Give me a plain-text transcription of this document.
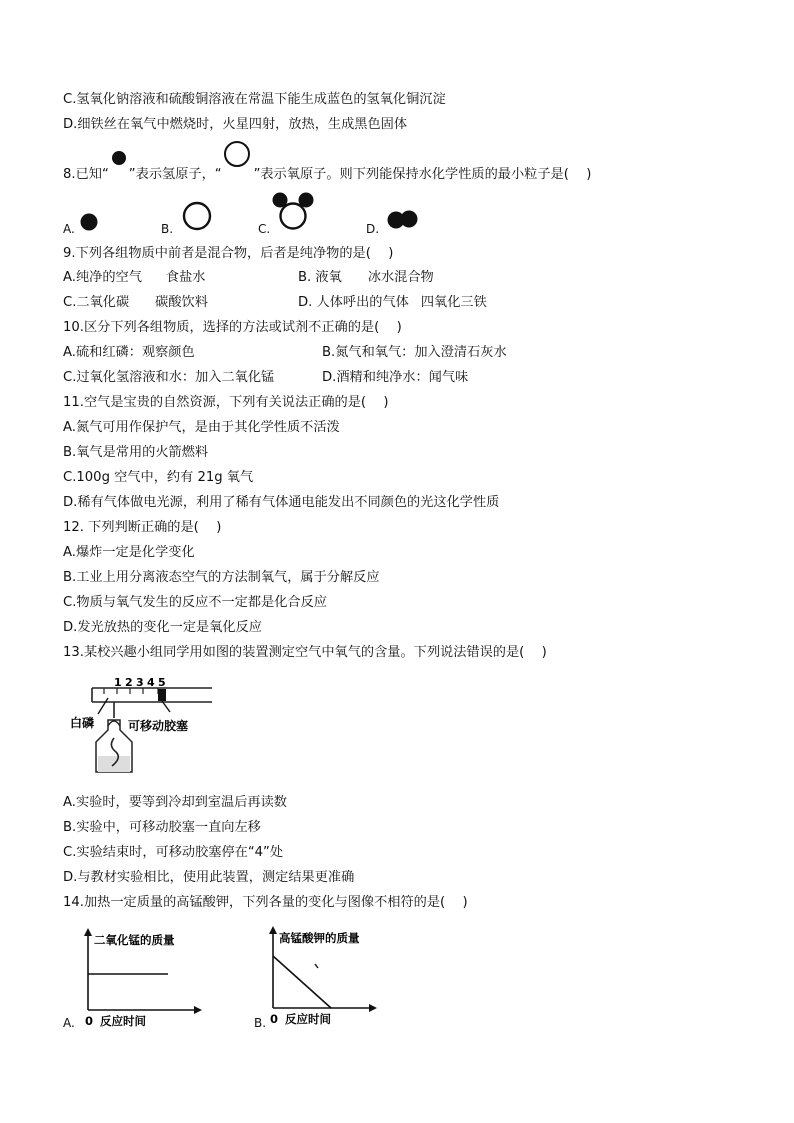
C.氢氧化钠溶液和硫酸铜溶液在常温下能生成蓝色的氢氧化铜沉淀
D.细铁丝在氧气中燃烧时，火星四射，放热，生成黑色固体
8.已知“ ”表示氢原子，“ ”表示氧原子。则下列能保持水化学性质的最小粒子是(　 )
A.	B.	C.	D.
9.下列各组物质中前者是混合物，后者是纯净物的是(　 )
A.纯净的空气 食盐水	B. 液氧 冰水混合物
C.二氧化碳 碳酸饮料	D. 人体呼出的气体 四氧化三铁
10.区分下列各组物质，选择的方法或试剂不正确的是(　 )
A.硫和红磷：观察颜色	B.氮气和氧气：加入澄清石灰水
C.过氧化氢溶液和水：加入二氧化锰	D.酒精和纯净水：闻气味
11.空气是宝贵的自然资源，下列有关说法正确的是(　 )
A.氮气可用作保护气，是由于其化学性质不活泼
B.氧气是常用的火箭燃料
C.100g 空气中，约有 21g 氧气
D.稀有气体做电光源，利用了稀有气体通电能发出不同颜色的光这化学性质
12. 下列判断正确的是(　 )
A.爆炸一定是化学变化
B.工业上用分离液态空气的方法制氧气，属于分解反应
C.物质与氧气发生的反应不一定都是化合反应
D.发光放热的变化一定是氧化反应
13.某校兴趣小组同学用如图的装置测定空气中氧气的含量。下列说法错误的是(　 )
1 2 3 4 5
白磷	可移动胶塞
A.实验时，要等到冷却到室温后再读数
B.实验中，可移动胶塞一直向左移
C.实验结束时，可移动胶塞停在“4”处
D.与教材实验相比，使用此装置，测定结果更准确
14.加热一定质量的高锰酸钾，下列各量的变化与图像不相符的是(　 )
A.
二氧化锰的质量
0 反应时间	B.
高锰酸钾的质量
0 反应时间
